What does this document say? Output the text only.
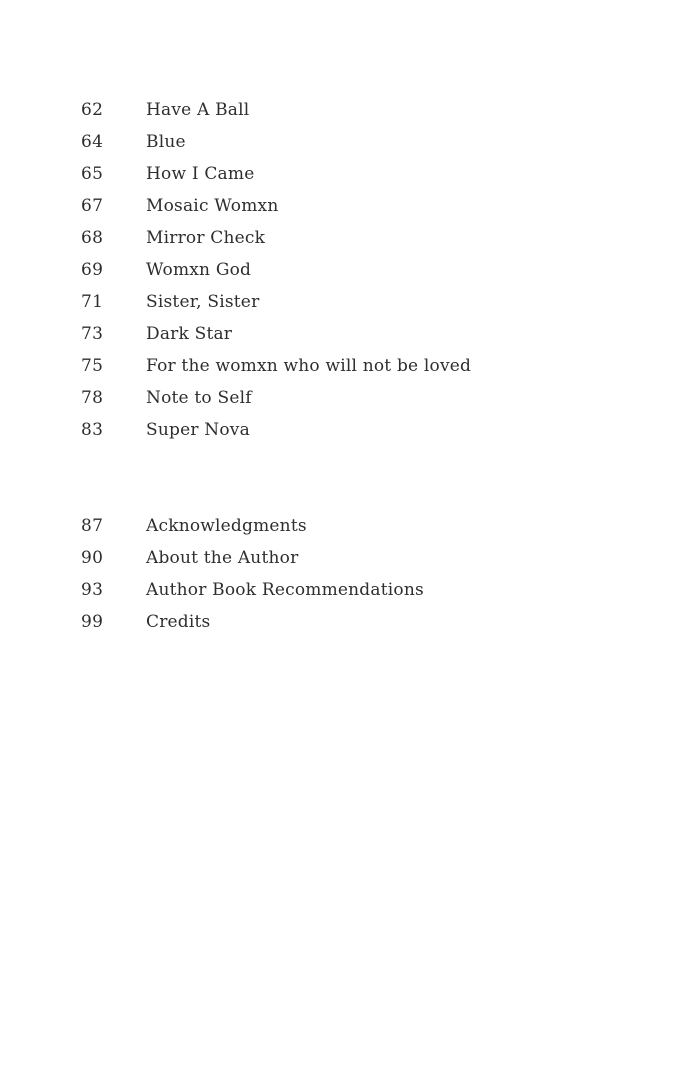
62	Have A Ball
64	Blue
65	How I Came
67	Mosaic Womxn
68	Mirror Check
69	Womxn God
71	Sister, Sister
73	Dark Star
75	For the womxn who will not be loved
78	Note to Self
83	Super Nova
87	Acknowledgments
90	About the Author
93	Author Book Recommendations
99	Credits
